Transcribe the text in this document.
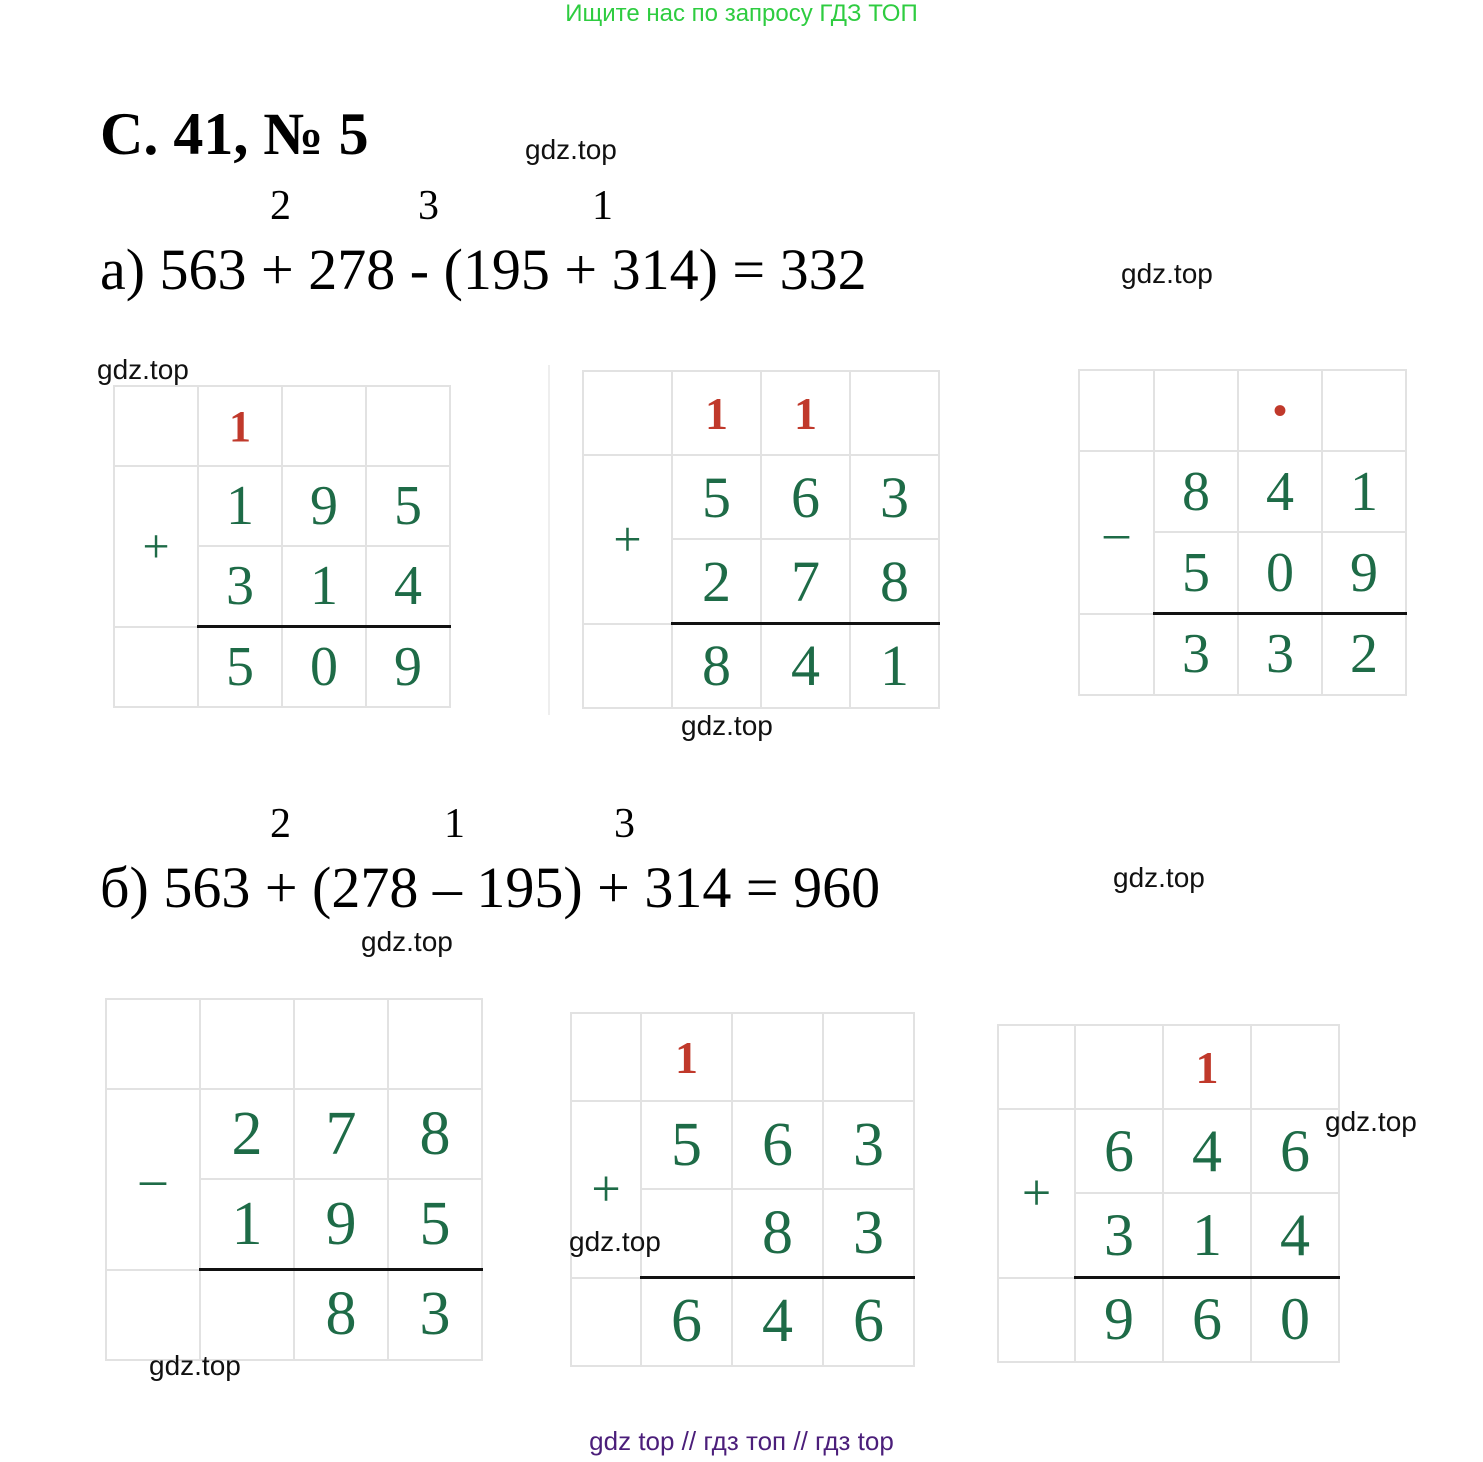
Ищите нас по запросу ГДЗ ТОП
С. 41, № 5
2	3	1
а) 563 + 278 - (195 + 314) = 332
	1		
+	1	9	5
	3	1	4
	5	0	9
	1	1	
+	5	6	3
	2	7	8
	8	4	1
		•	
–	8	4	1
	5	0	9
	3	3	2
2	1	3
б) 563 + (278 – 195) + 314 = 960

–	2	7	8
	1	9	5
		8	3
	1		
+	5	6	3
		8	3
	6	4	6
		1	
+	6	4	6
	3	1	4
	9	6	0
gdz.top
gdz.top
gdz.top
gdz.top
gdz.top
gdz.top
gdz.top
gdz.top
gdz.top
gdz top // гдз топ // гдз top
